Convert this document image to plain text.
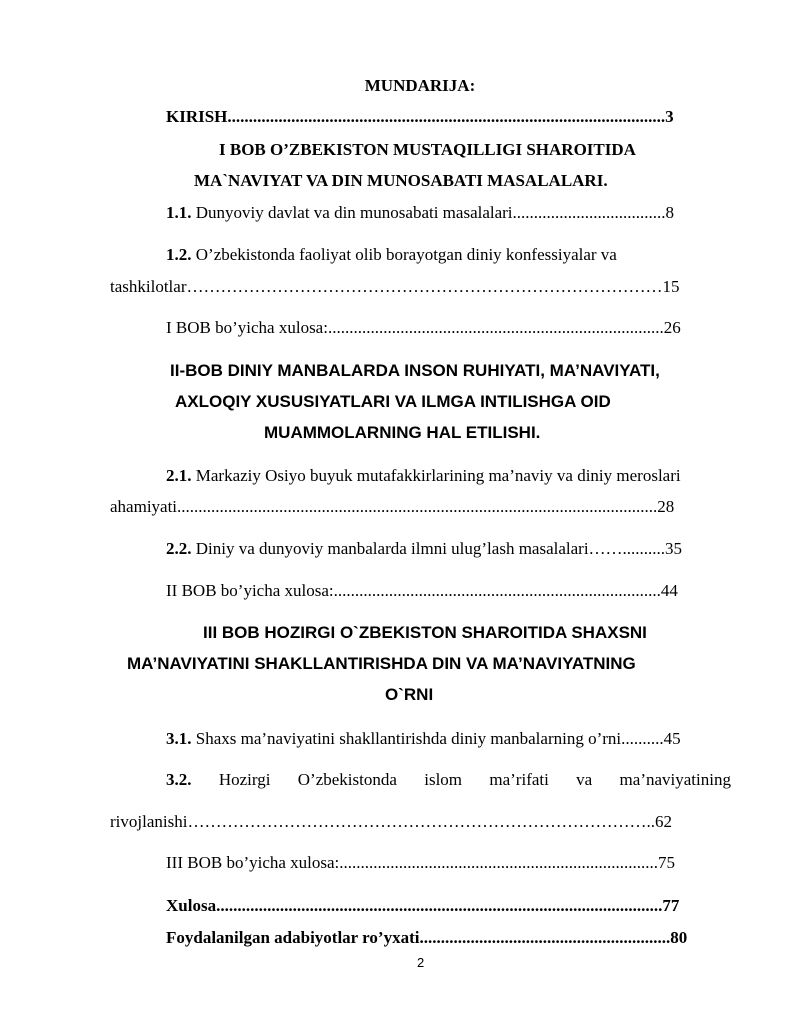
MUNDARIJA:
KIRISH.......................................................................................................3
I BOB O’ZBEKISTON MUSTAQILLIGI SHAROITIDA
MA`NAVIYAT VA DIN MUNOSABATI MASALALARI.
1.1. Dunyoviy davlat va din munosabati masalalari....................................8
1.2. O’zbekistonda faoliyat olib borayotgan diniy konfessiyalar va
tashkilotlar…………………………………………………………………………15
I BOB bo’yicha xulosa:...............................................................................26
II-BOB DINIY MANBALARDA INSON RUHIYATI, MA’NAVIYATI,
AXLOQIY XUSUSIYATLARI VA ILMGA INTILISHGA OID
MUAMMOLARNING HAL ETILISHI.
2.1. Markaziy Osiyo buyuk mutafakkirlarining ma’naviy va diniy meroslari
ahamiyati.................................................................................................................28
2.2. Diniy va dunyoviy manbalarda ilmni ulug’lash masalalari……..........35
II BOB bo’yicha xulosa:.............................................................................44
III BOB HOZIRGI O`ZBEKISTON SHAROITIDA SHAXSNI
MA’NAVIYATINI SHAKLLANTIRISHDA DIN VA MA’NAVIYATNING
O`RNI
3.1. Shaxs ma’naviyatini shakllantirishda diniy manbalarning o’rni..........45
3.2. Hozirgi O’zbekistonda islom ma’rifati va ma’naviyatining
rivojlanishi………………………………………………………………………..62
III BOB bo’yicha xulosa:...........................................................................75
Xulosa.........................................................................................................77
Foydalanilgan adabiyotlar ro’yxati...........................................................80
2
